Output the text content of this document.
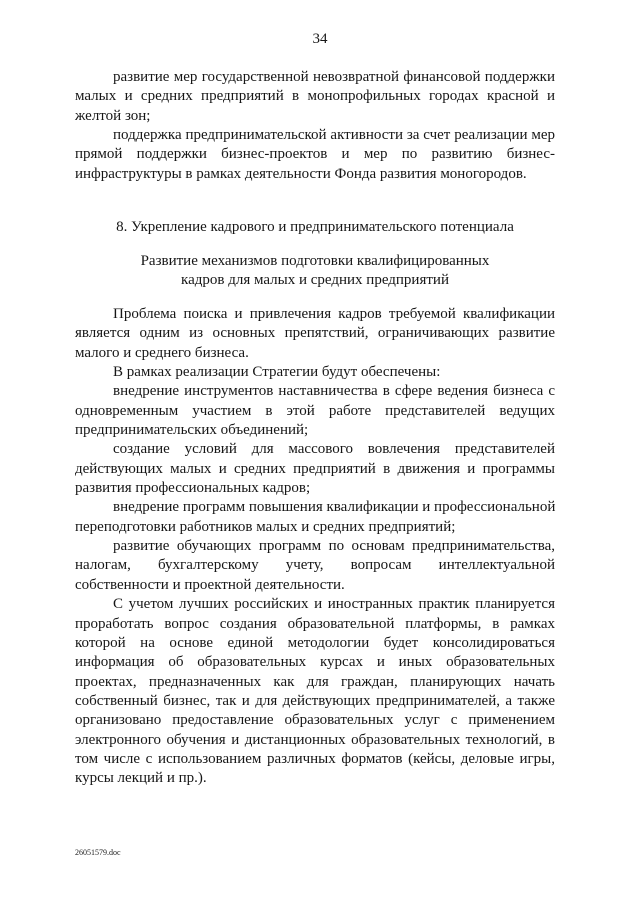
34
развитие мер государственной невозвратной финансовой поддержки
малых и средних предприятий в монопрофильных городах красной и
желтой зон;
поддержка предпринимательской активности за счет реализации мер
прямой поддержки бизнес-проектов и мер по развитию бизнес-
инфраструктуры в рамках деятельности Фонда развития моногородов.
8. Укрепление кадрового и предпринимательского потенциала
Развитие механизмов подготовки квалифицированных
кадров для малых и средних предприятий
Проблема поиска и привлечения кадров требуемой квалификации
является одним из основных препятствий, ограничивающих развитие
малого и среднего бизнеса.
В рамках реализации Стратегии будут обеспечены:
внедрение инструментов наставничества в сфере ведения бизнеса с
одновременным участием в этой работе представителей ведущих
предпринимательских объединений;
создание условий для массового вовлечения представителей
действующих малых и средних предприятий в движения и программы
развития профессиональных кадров;
внедрение программ повышения квалификации и профессиональной
переподготовки работников малых и средних предприятий;
развитие обучающих программ по основам предпринимательства,
налогам, бухгалтерскому учету, вопросам интеллектуальной
собственности и проектной деятельности.
С учетом лучших российских и иностранных практик планируется
проработать вопрос создания образовательной платформы, в рамках
которой на основе единой методологии будет консолидироваться
информация об образовательных курсах и иных образовательных
проектах, предназначенных как для граждан, планирующих начать
собственный бизнес, так и для действующих предпринимателей, а также
организовано предоставление образовательных услуг с применением
электронного обучения и дистанционных образовательных технологий, в
том числе с использованием различных форматов (кейсы, деловые игры,
курсы лекций и пр.).
26051579.doc
